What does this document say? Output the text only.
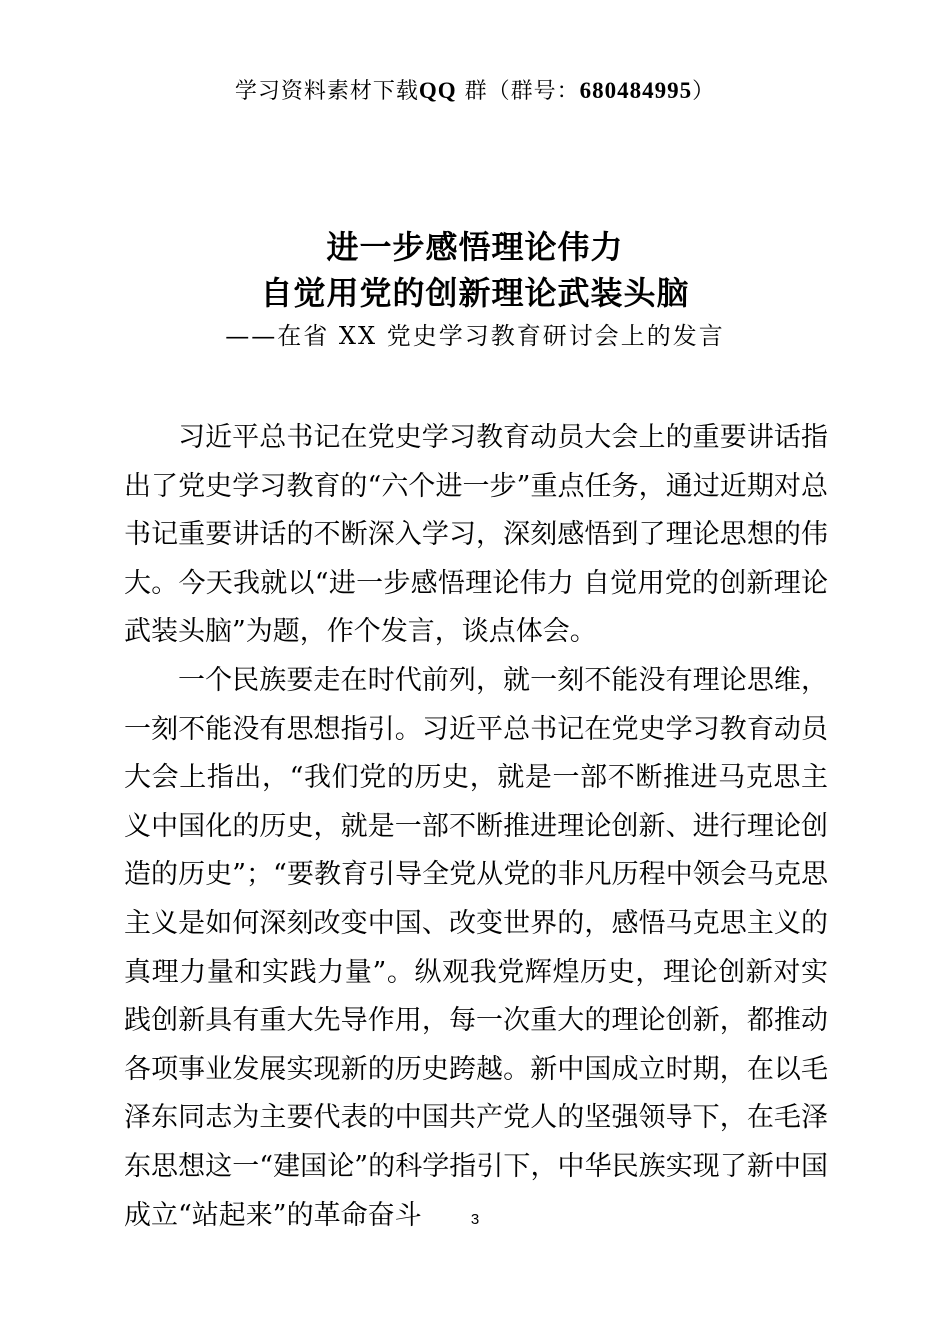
学习资料素材下载QQ 群（群号：680484995）
进一步感悟理论伟力
自觉用党的创新理论武装头脑
——在省 XX 党史学习教育研讨会上的发言

习近平总书记在党史学习教育动员大会上的重要讲话指出了党史学习教育的“六个进一步”重点任务，通过近期对总书记重要讲话的不断深入学习，深刻感悟到了理论思想的伟大。今天我就以“进一步感悟理论伟力 自觉用党的创新理论武装头脑”为题，作个发言，谈点体会。

一个民族要走在时代前列，就一刻不能没有理论思维，一刻不能没有思想指引。习近平总书记在党史学习教育动员大会上指出，“我们党的历史，就是一部不断推进马克思主义中国化的历史，就是一部不断推进理论创新、进行理论创造的历史”；“要教育引导全党从党的非凡历程中领会马克思主义是如何深刻改变中国、改变世界的，感悟马克思主义的真理力量和实践力量”。纵观我党辉煌历史，理论创新对实践创新具有重大先导作用，每一次重大的理论创新，都推动各项事业发展实现新的历史跨越。新中国成立时期，在以毛泽东同志为主要代表的中国共产党人的坚强领导下，在毛泽东思想这一“建国论”的科学指引下，中华民族实现了新中国成立“站起来”的革命奋斗	3
